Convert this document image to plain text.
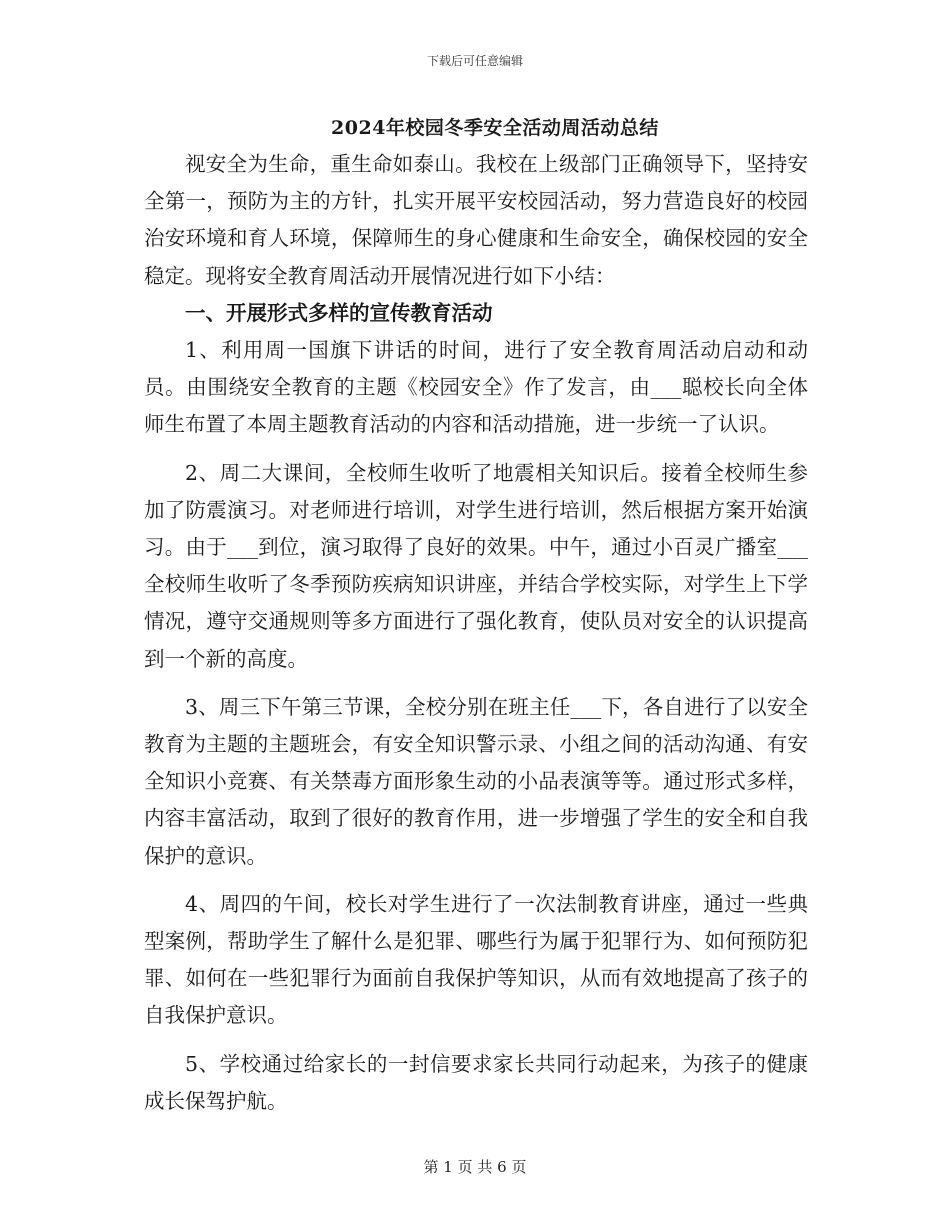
下载后可任意编辑
2024年校园冬季安全活动周活动总结

视安全为生命，重生命如泰山。我校在上级部门正确领导下，坚持安全第一，预防为主的方针，扎实开展平安校园活动，努力营造良好的校园治安环境和育人环境，保障师生的身心健康和生命安全，确保校园的安全稳定。现将安全教育周活动开展情况进行如下小结：

一、开展形式多样的宣传教育活动

1、利用周一国旗下讲话的时间，进行了安全教育周活动启动和动员。由围绕安全教育的主题《校园安全》作了发言，由___聪校长向全体师生布置了本周主题教育活动的内容和活动措施，进一步统一了认识。

2、周二大课间，全校师生收听了地震相关知识后。接着全校师生参加了防震演习。对老师进行培训，对学生进行培训，然后根据方案开始演习。由于___到位，演习取得了良好的效果。中午，通过小百灵广播室___全校师生收听了冬季预防疾病知识讲座，并结合学校实际，对学生上下学情况，遵守交通规则等多方面进行了强化教育，使队员对安全的认识提高到一个新的高度。

3、周三下午第三节课，全校分别在班主任___下，各自进行了以安全教育为主题的主题班会，有安全知识警示录、小组之间的活动沟通、有安全知识小竞赛、有关禁毒方面形象生动的小品表演等等。通过形式多样，内容丰富活动，取到了很好的教育作用，进一步增强了学生的安全和自我保护的意识。

4、周四的午间，校长对学生进行了一次法制教育讲座，通过一些典型案例，帮助学生了解什么是犯罪、哪些行为属于犯罪行为、如何预防犯罪、如何在一些犯罪行为面前自我保护等知识，从而有效地提高了孩子的自我保护意识。

5、学校通过给家长的一封信要求家长共同行动起来，为孩子的健康成长保驾护航。

第 1 页 共 6 页
